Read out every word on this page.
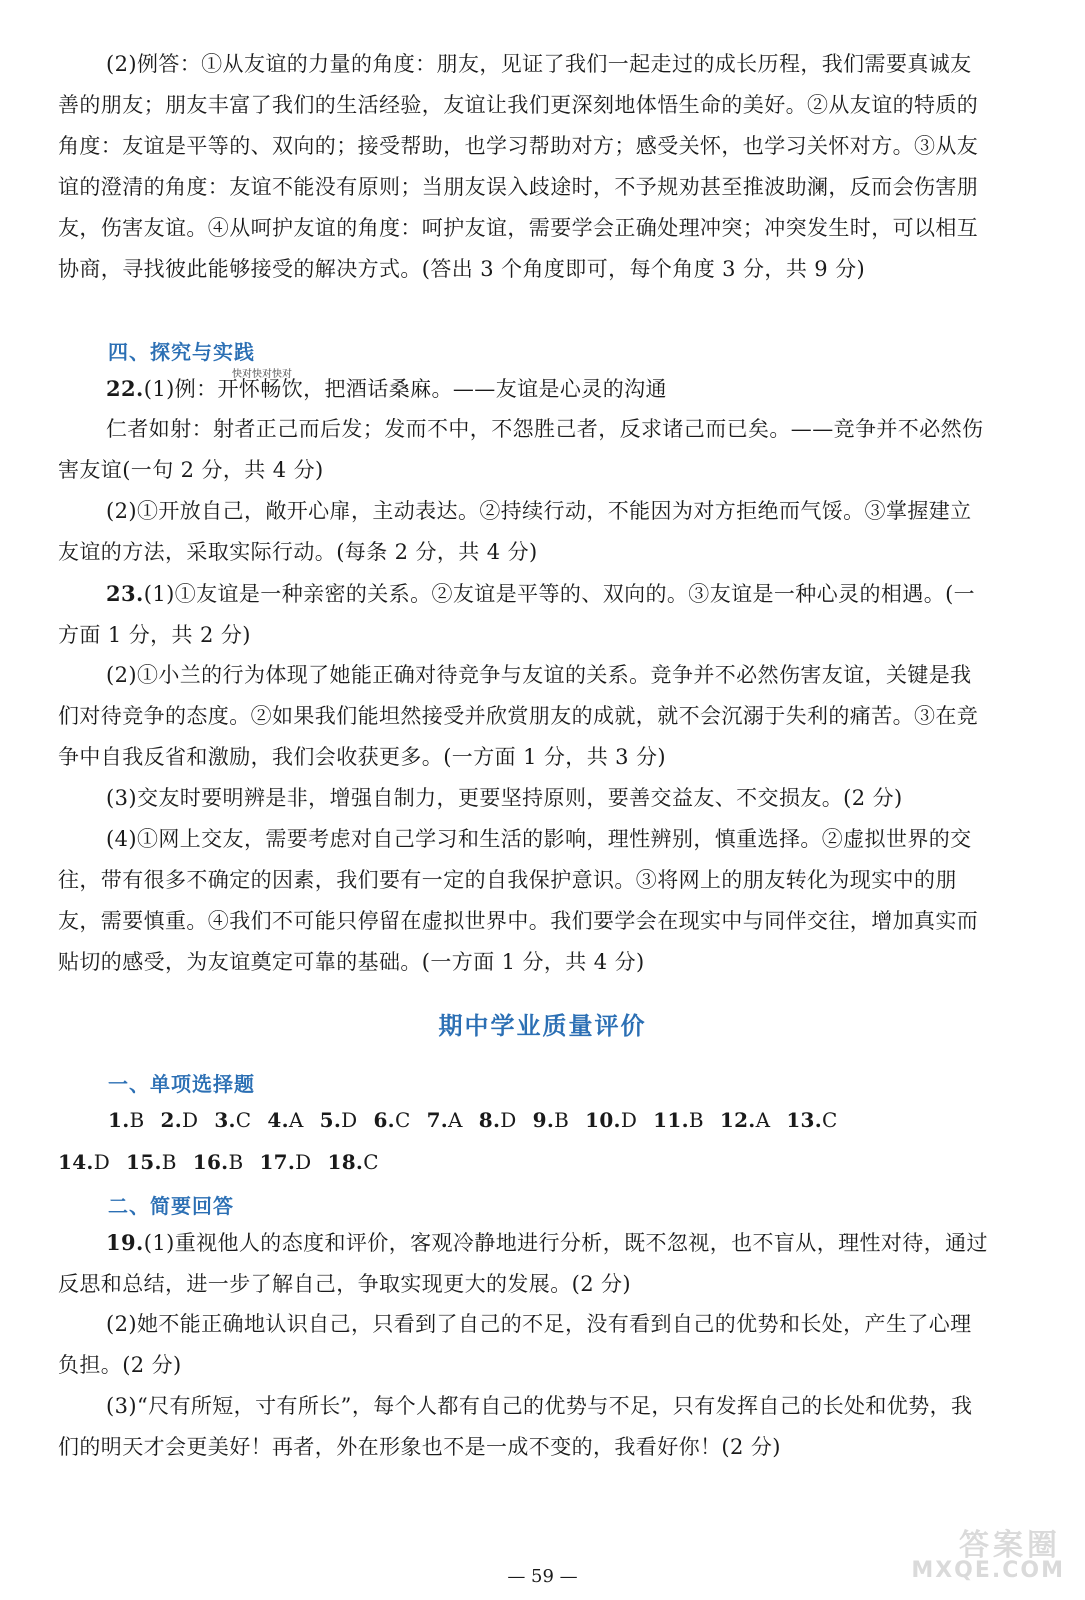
(2)例答：①从友谊的力量的角度：朋友，见证了我们一起走过的成长历程，我们需要真诚友善的朋友；朋友丰富了我们的生活经验，友谊让我们更深刻地体悟生命的美好。②从友谊的特质的角度：友谊是平等的、双向的；接受帮助，也学习帮助对方；感受关怀，也学习关怀对方。③从友谊的澄清的角度：友谊不能没有原则；当朋友误入歧途时，不予规劝甚至推波助澜，反而会伤害朋友，伤害友谊。④从呵护友谊的角度：呵护友谊，需要学会正确处理冲突；冲突发生时，可以相互协商，寻找彼此能够接受的解决方式。(答出 3 个角度即可，每个角度 3 分，共 9 分)

四、探究与实践
快对快对快对

22.(1)例：开怀畅饮，把酒话桑麻。——友谊是心灵的沟通

仁者如射：射者正己而后发；发而不中，不怨胜己者，反求诸己而已矣。——竞争并不必然伤害友谊(一句 2 分，共 4 分)

(2)①开放自己，敞开心扉，主动表达。②持续行动，不能因为对方拒绝而气馁。③掌握建立友谊的方法，采取实际行动。(每条 2 分，共 4 分)

23.(1)①友谊是一种亲密的关系。②友谊是平等的、双向的。③友谊是一种心灵的相遇。(一方面 1 分，共 2 分)

(2)①小兰的行为体现了她能正确对待竞争与友谊的关系。竞争并不必然伤害友谊，关键是我们对待竞争的态度。②如果我们能坦然接受并欣赏朋友的成就，就不会沉溺于失利的痛苦。③在竞争中自我反省和激励，我们会收获更多。(一方面 1 分，共 3 分)

(3)交友时要明辨是非，增强自制力，更要坚持原则，要善交益友、不交损友。(2 分)

(4)①网上交友，需要考虑对自己学习和生活的影响，理性辨别，慎重选择。②虚拟世界的交往，带有很多不确定的因素，我们要有一定的自我保护意识。③将网上的朋友转化为现实中的朋友，需要慎重。④我们不可能只停留在虚拟世界中。我们要学会在现实中与同伴交往，增加真实而贴切的感受，为友谊奠定可靠的基础。(一方面 1 分，共 4 分)

期中学业质量评价
一、单项选择题
1.B 2.D 3.C 4.A 5.D 6.C 7.A 8.D 9.B 10.D 11.B 12.A 13.C
14.D 15.B 16.B 17.D 18.C
二、简要回答

19.(1)重视他人的态度和评价，客观冷静地进行分析，既不忽视，也不盲从，理性对待，通过反思和总结，进一步了解自己，争取实现更大的发展。(2 分)

(2)她不能正确地认识自己，只看到了自己的不足，没有看到自己的优势和长处，产生了心理负担。(2 分)

(3)“尺有所短，寸有所长”，每个人都有自己的优势与不足，只有发挥自己的长处和优势，我们的明天才会更美好！再者，外在形象也不是一成不变的，我看好你！(2 分)

— 59 —
答案圈
MXQE.COM
